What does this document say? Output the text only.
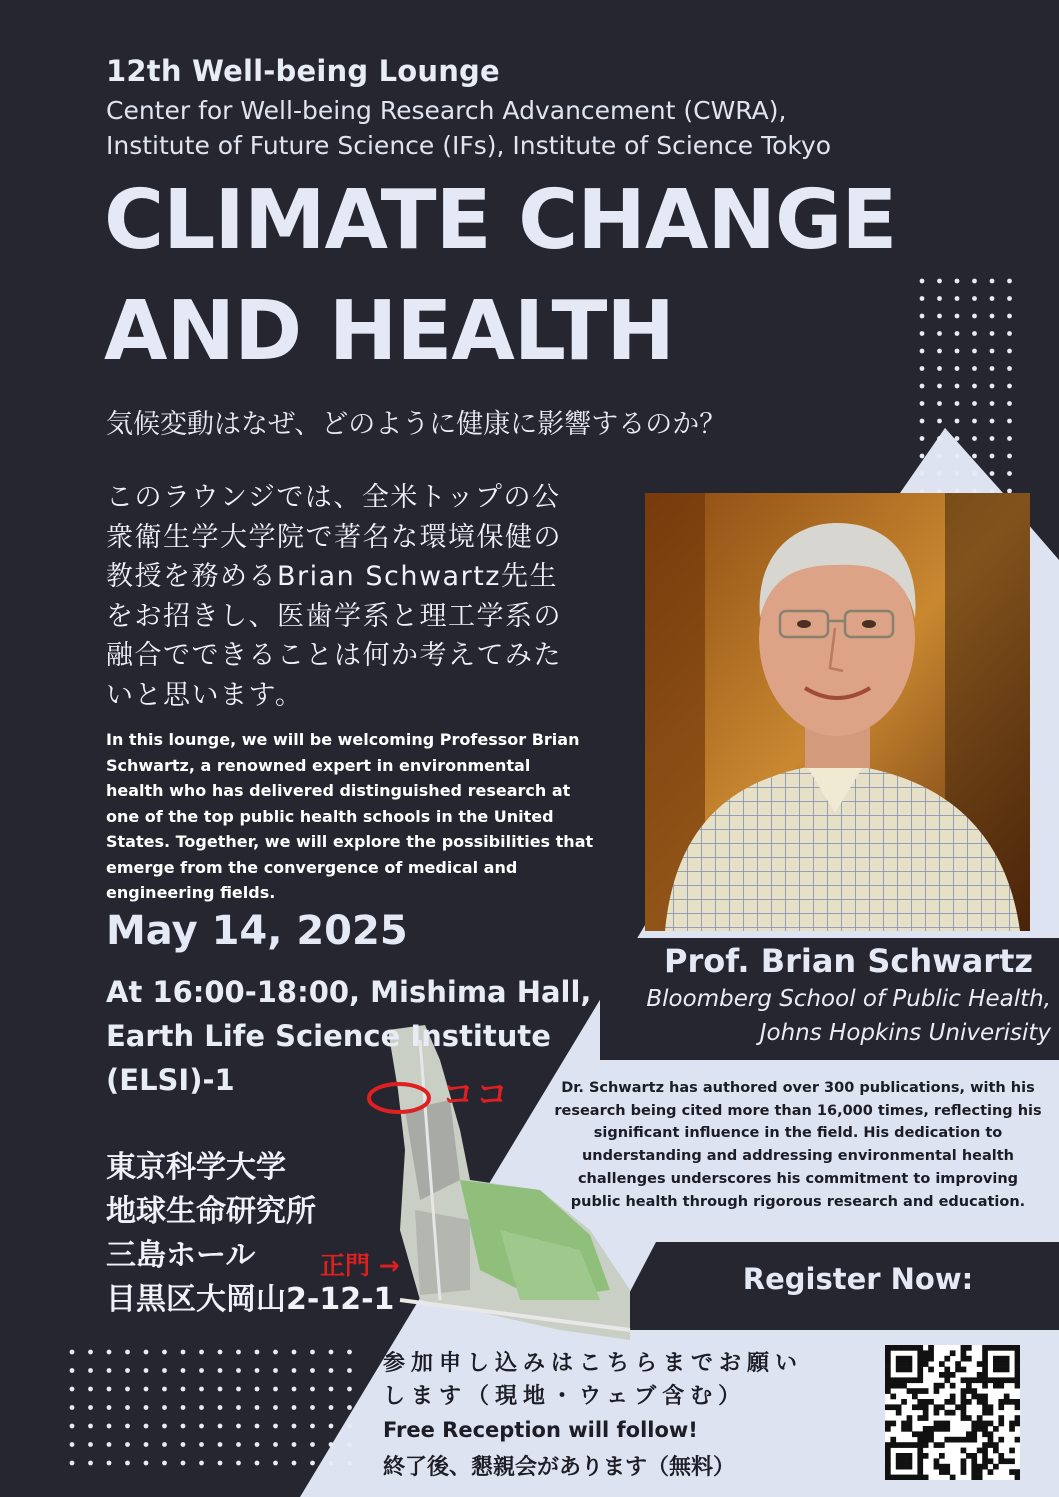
12th Well-being Lounge
Center for Well-being Research Advancement (CWRA),
Institute of Future Science (IFs), Institute of Science Tokyo
CLIMATE CHANGE
AND HEALTH
気候変動はなぜ、どのように健康に影響するのか？
このラウンジでは、全米トップの公
衆衛生学大学院で著名な環境保健の
教授を務めるBrian Schwartz先生
をお招きし、医歯学系と理工学系の
融合でできることは何か考えてみた
いと思います。
In this lounge, we will be welcoming Professor Brian
Schwartz, a renowned expert in environmental
health who has delivered distinguished research at
one of the top public health schools in the United
States. Together, we will explore the possibilities that
emerge from the convergence of medical and
engineering fields.
May 14, 2025
At 16:00-18:00, Mishima Hall,
Earth Life Science Institute
(ELSI)-1
東京科学大学
地球生命研究所
三島ホール
目黒区大岡山2-12-1
ココ
正門 →
Prof. Brian Schwartz
Bloomberg School of Public Health,
Johns Hopkins Univerisity
Dr. Schwartz has authored over 300 publications, with his
research being cited more than 16,000 times, reflecting his
significant influence in the field. His dedication to
understanding and addressing environmental health
challenges underscores his commitment to improving
public health through rigorous research and education.
Register Now:
参加申し込みはこちらまでお願い
します（現地・ウェブ含む）
Free Reception will follow!
終了後、懇親会があります（無料）
